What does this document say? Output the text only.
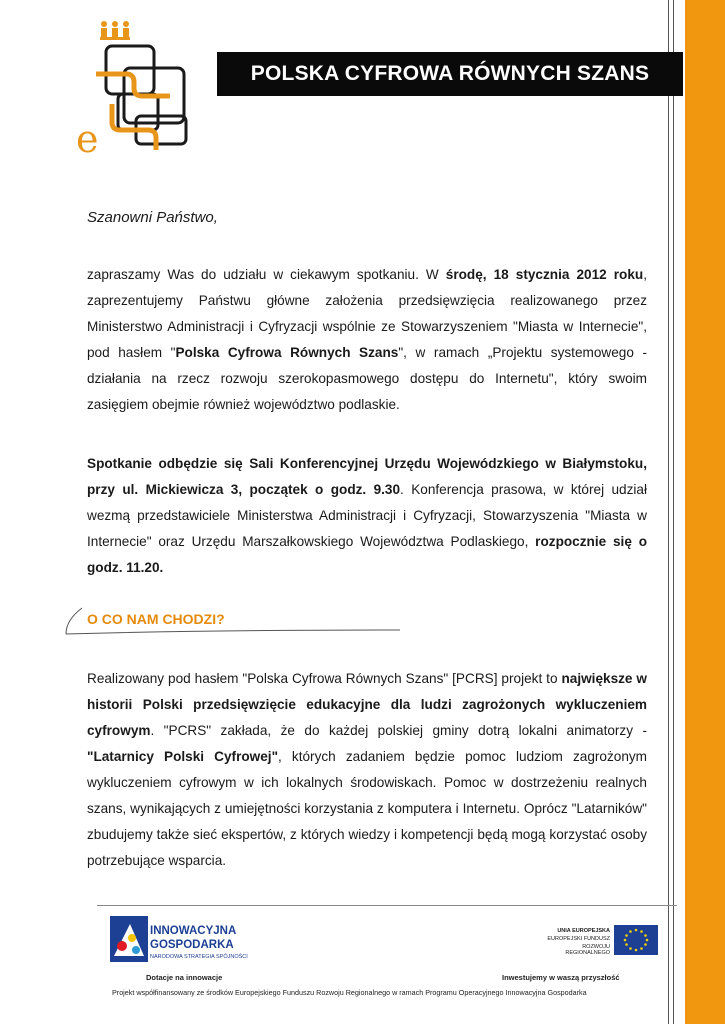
e
POLSKA CYFROWA RÓWNYCH SZANS
Szanowni Państwo,

zapraszamy Was do udziału w ciekawym spotkaniu. W środę, 18 stycznia 2012 roku, zaprezentujemy Państwu główne założenia przedsięwzięcia realizowanego przez Ministerstwo Administracji i Cyfryzacji wspólnie ze Stowarzyszeniem "Miasta w Internecie", pod hasłem "Polska Cyfrowa Równych Szans", w ramach „Projektu systemowego - działania na rzecz rozwoju szerokopasmowego dostępu do Internetu", który swoim zasięgiem obejmie również województwo podlaskie.

Spotkanie odbędzie się Sali Konferencyjnej Urzędu Wojewódzkiego w Białymstoku, przy ul. Mickiewicza 3, początek o godz. 9.30. Konferencja prasowa, w której udział wezmą przedstawiciele Ministerstwa Administracji i Cyfryzacji, Stowarzyszenia "Miasta w Internecie" oraz Urzędu Marszałkowskiego Województwa Podlaskiego, rozpocznie się o godz. 11.20.

O CO NAM CHODZI?

Realizowany pod hasłem "Polska Cyfrowa Równych Szans" [PCRS] projekt to największe w historii Polski przedsięwzięcie edukacyjne dla ludzi zagrożonych wykluczeniem cyfrowym. "PCRS" zakłada, że do każdej polskiej gminy dotrą lokalni animatorzy - "Latarnicy Polski Cyfrowej", których zadaniem będzie pomoc ludziom zagrożonym wykluczeniem cyfrowym w ich lokalnych środowiskach. Pomoc w dostrzeżeniu realnych szans, wynikających z umiejętności korzystania z komputera i Internetu. Oprócz "Latarników" zbudujemy także sieć ekspertów, z których wiedzy i kompetencji będą mogą korzystać osoby potrzebujące wsparcia.

INNOWACYJNA
GOSPODARKA
NARODOWA STRATEGIA SPÓJNOŚCI
Dotacje na innowacje
UNIA EUROPEJSKA
EUROPEJSKI FUNDUSZ
ROZWOJU REGIONALNEGO
Inwestujemy w waszą przyszłość
Projekt współfinansowany ze środków Europejskiego Funduszu Rozwoju Regionalnego w ramach Programu Operacyjnego Innowacyjna Gospodarka
